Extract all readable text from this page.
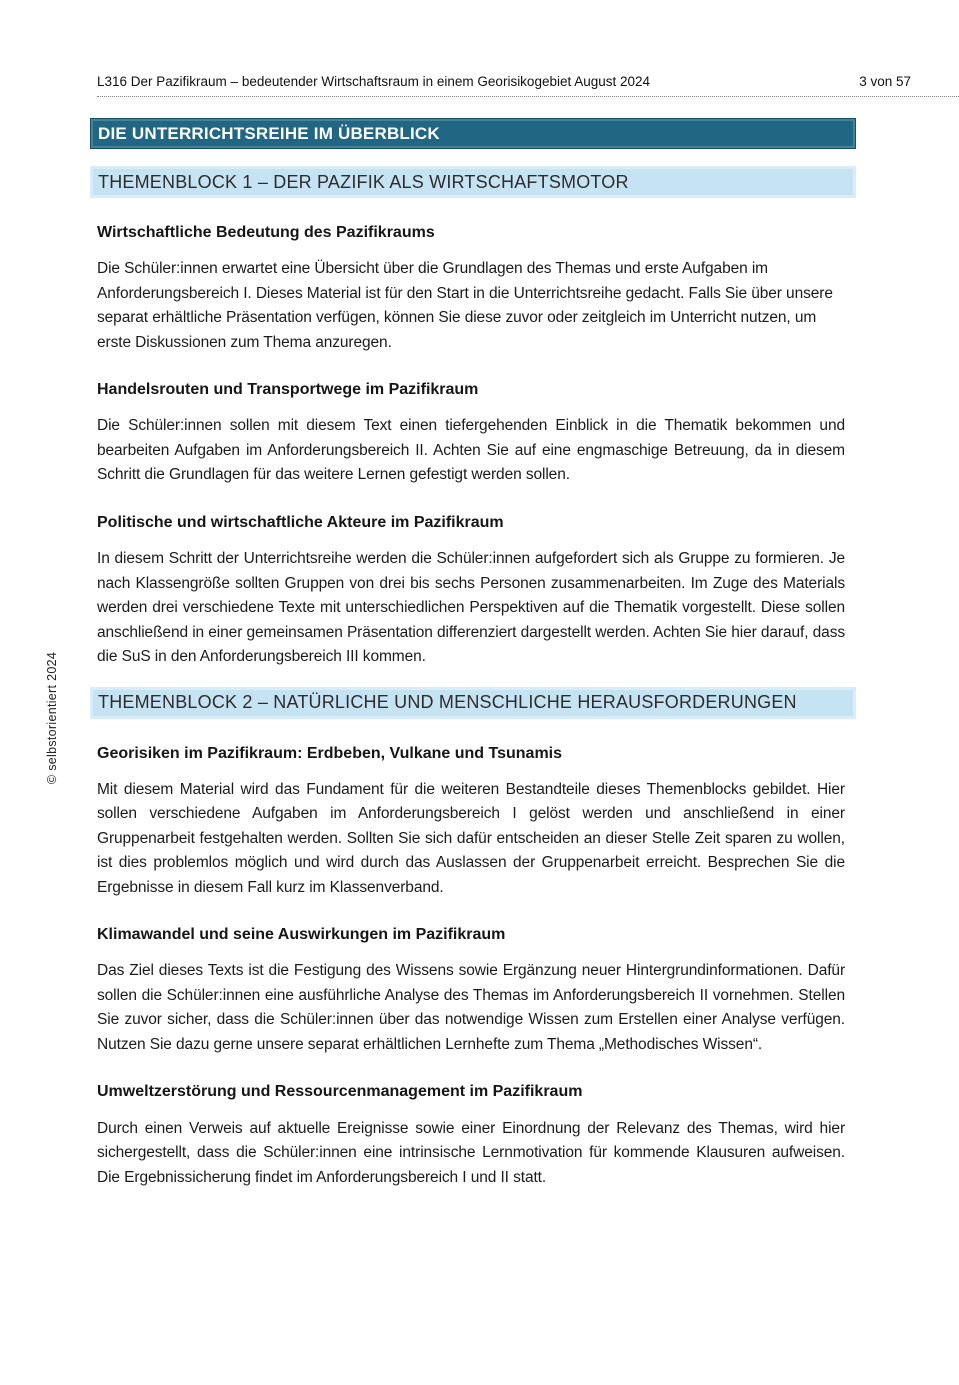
L316 Der Pazifikraum – bedeutender Wirtschaftsraum in einem Georisikogebiet August 2024	3 von 57
DIE UNTERRICHTSREIHE IM ÜBERBLICK
THEMENBLOCK 1 – DER PAZIFIK ALS WIRTSCHAFTSMOTOR
Wirtschaftliche Bedeutung des Pazifikraums

Die Schüler:innen erwartet eine Übersicht über die Grundlagen des Themas und erste Aufgaben im Anforderungsbereich I. Dieses Material ist für den Start in die Unterrichtsreihe gedacht. Falls Sie über unsere separat erhältliche Präsentation verfügen, können Sie diese zuvor oder zeitgleich im Unterricht nutzen, um erste Diskussionen zum Thema anzuregen.

Handelsrouten und Transportwege im Pazifikraum

Die Schüler:innen sollen mit diesem Text einen tiefergehenden Einblick in die Thematik bekommen und bearbeiten Aufgaben im Anforderungsbereich II. Achten Sie auf eine engmaschige Betreuung, da in diesem Schritt die Grundlagen für das weitere Lernen gefestigt werden sollen.

Politische und wirtschaftliche Akteure im Pazifikraum

In diesem Schritt der Unterrichtsreihe werden die Schüler:innen aufgefordert sich als Gruppe zu formieren. Je nach Klassengröße sollten Gruppen von drei bis sechs Personen zusammenarbeiten. Im Zuge des Materials werden drei verschiedene Texte mit unterschiedlichen Perspektiven auf die Thematik vorgestellt. Diese sollen anschließend in einer gemeinsamen Präsentation differenziert dargestellt werden. Achten Sie hier darauf, dass die SuS in den Anforderungsbereich III kommen.

THEMENBLOCK 2 – NATÜRLICHE UND MENSCHLICHE HERAUSFORDERUNGEN
Georisiken im Pazifikraum: Erdbeben, Vulkane und Tsunamis

Mit diesem Material wird das Fundament für die weiteren Bestandteile dieses Themenblocks gebildet. Hier sollen verschiedene Aufgaben im Anforderungsbereich I gelöst werden und anschließend in einer Gruppenarbeit festgehalten werden. Sollten Sie sich dafür entscheiden an dieser Stelle Zeit sparen zu wollen, ist dies problemlos möglich und wird durch das Auslassen der Gruppenarbeit erreicht. Besprechen Sie die Ergebnisse in diesem Fall kurz im Klassenverband.

Klimawandel und seine Auswirkungen im Pazifikraum

Das Ziel dieses Texts ist die Festigung des Wissens sowie Ergänzung neuer Hintergrundinformationen. Dafür sollen die Schüler:innen eine ausführliche Analyse des Themas im Anforderungsbereich II vornehmen. Stellen Sie zuvor sicher, dass die Schüler:innen über das notwendige Wissen zum Erstellen einer Analyse verfügen. Nutzen Sie dazu gerne unsere separat erhältlichen Lernhefte zum Thema „Methodisches Wissen“.

Umweltzerstörung und Ressourcenmanagement im Pazifikraum

Durch einen Verweis auf aktuelle Ereignisse sowie einer Einordnung der Relevanz des Themas, wird hier sichergestellt, dass die Schüler:innen eine intrinsische Lernmotivation für kommende Klausuren aufweisen. Die Ergebnissicherung findet im Anforderungsbereich I und II statt.

© selbstorientiert 2024
